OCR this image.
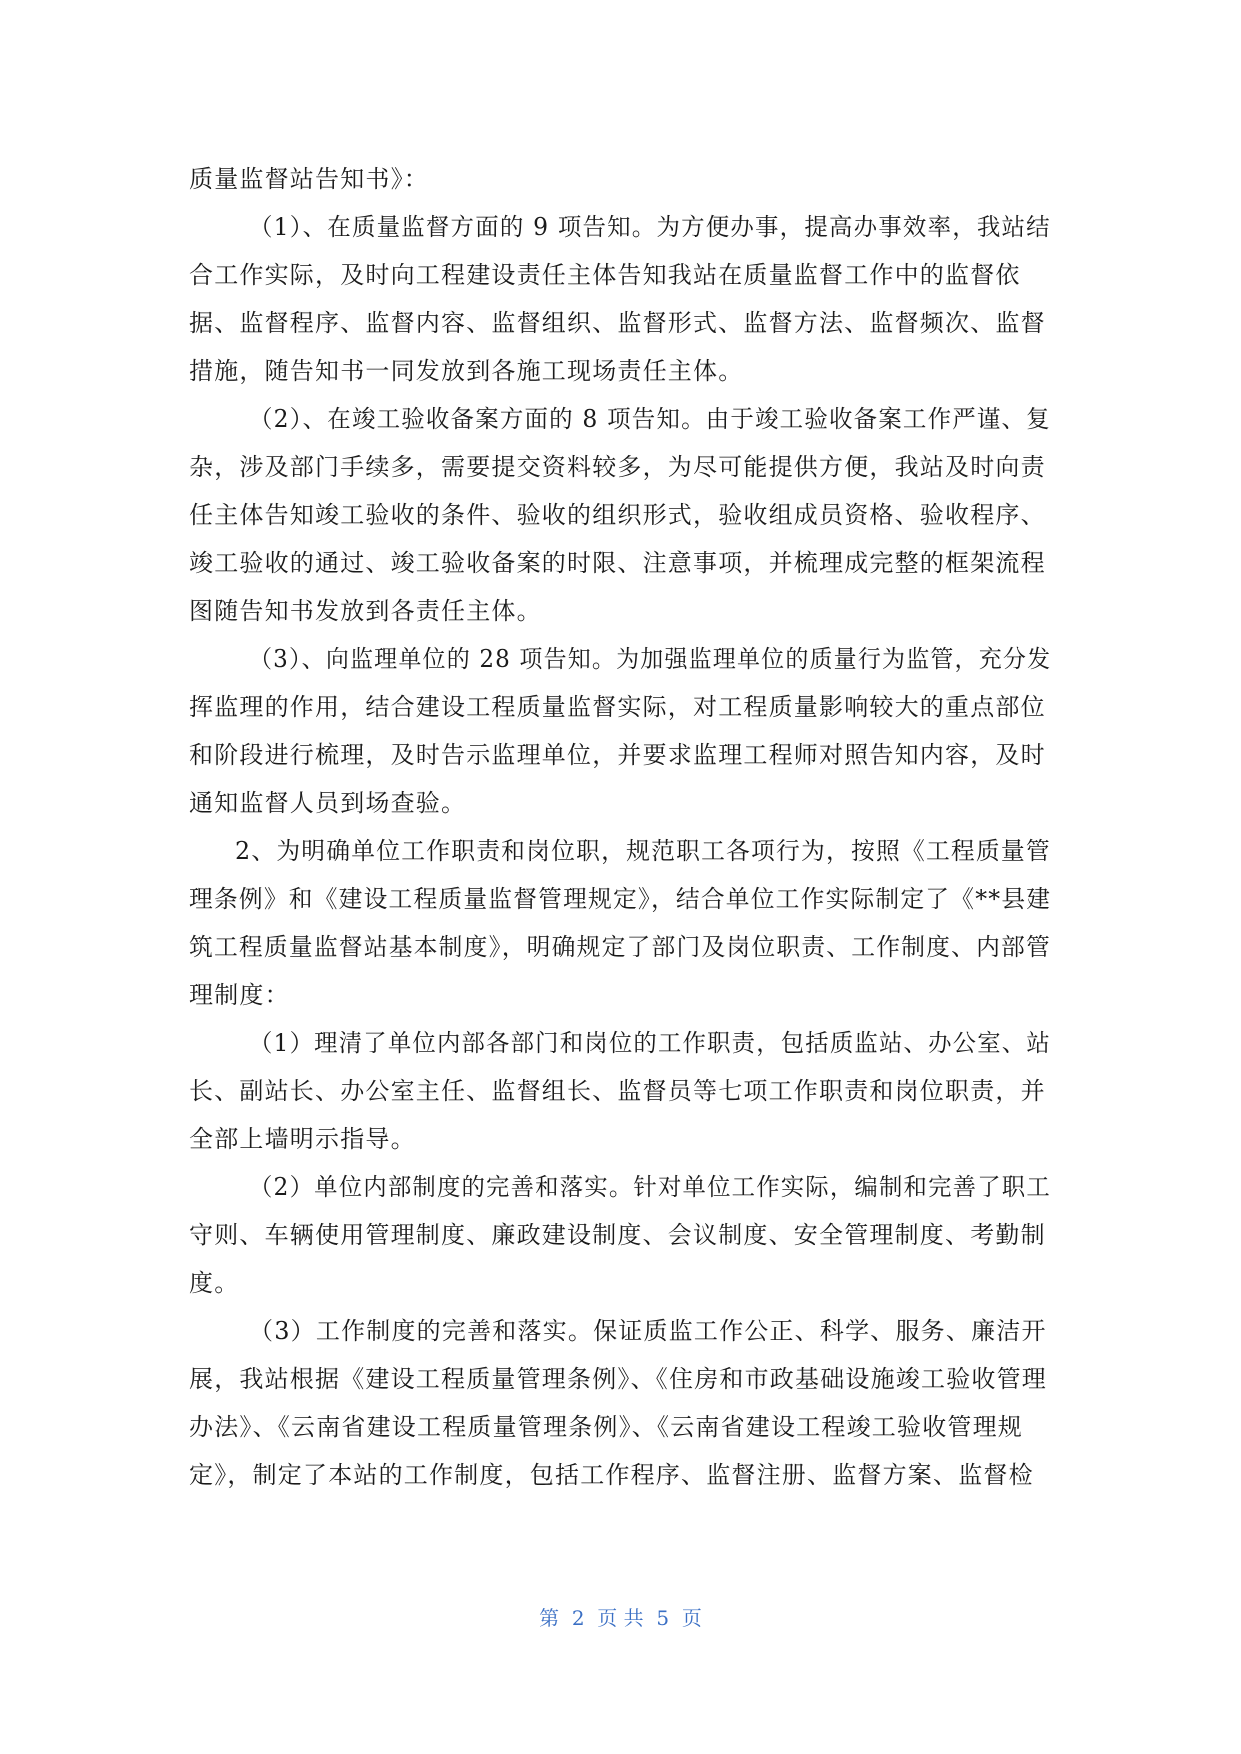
质量监督站告知书》：
（1）、在质量监督方面的 9 项告知。为方便办事，提高办事效率，我站结
合工作实际，及时向工程建设责任主体告知我站在质量监督工作中的监督依
据、监督程序、监督内容、监督组织、监督形式、监督方法、监督频次、监督
措施，随告知书一同发放到各施工现场责任主体。
（2）、在竣工验收备案方面的 8 项告知。由于竣工验收备案工作严谨、复
杂，涉及部门手续多，需要提交资料较多，为尽可能提供方便，我站及时向责
任主体告知竣工验收的条件、验收的组织形式，验收组成员资格、验收程序、
竣工验收的通过、竣工验收备案的时限、注意事项，并梳理成完整的框架流程
图随告知书发放到各责任主体。
（3）、向监理单位的 28 项告知。为加强监理单位的质量行为监管，充分发
挥监理的作用，结合建设工程质量监督实际，对工程质量影响较大的重点部位
和阶段进行梳理，及时告示监理单位，并要求监理工程师对照告知内容，及时
通知监督人员到场查验。
2、为明确单位工作职责和岗位职，规范职工各项行为，按照《工程质量管
理条例》和《建设工程质量监督管理规定》，结合单位工作实际制定了《**县建
筑工程质量监督站基本制度》，明确规定了部门及岗位职责、工作制度、内部管
理制度：
（1）理清了单位内部各部门和岗位的工作职责，包括质监站、办公室、站
长、副站长、办公室主任、监督组长、监督员等七项工作职责和岗位职责，并
全部上墙明示指导。
（2）单位内部制度的完善和落实。针对单位工作实际，编制和完善了职工
守则、车辆使用管理制度、廉政建设制度、会议制度、安全管理制度、考勤制
度。
（3）工作制度的完善和落实。保证质监工作公正、科学、服务、廉洁开
展，我站根据《建设工程质量管理条例》、《住房和市政基础设施竣工验收管理
办法》、《云南省建设工程质量管理条例》、《云南省建设工程竣工验收管理规
定》，制定了本站的工作制度，包括工作程序、监督注册、监督方案、监督检
第  2  页 共  5  页
